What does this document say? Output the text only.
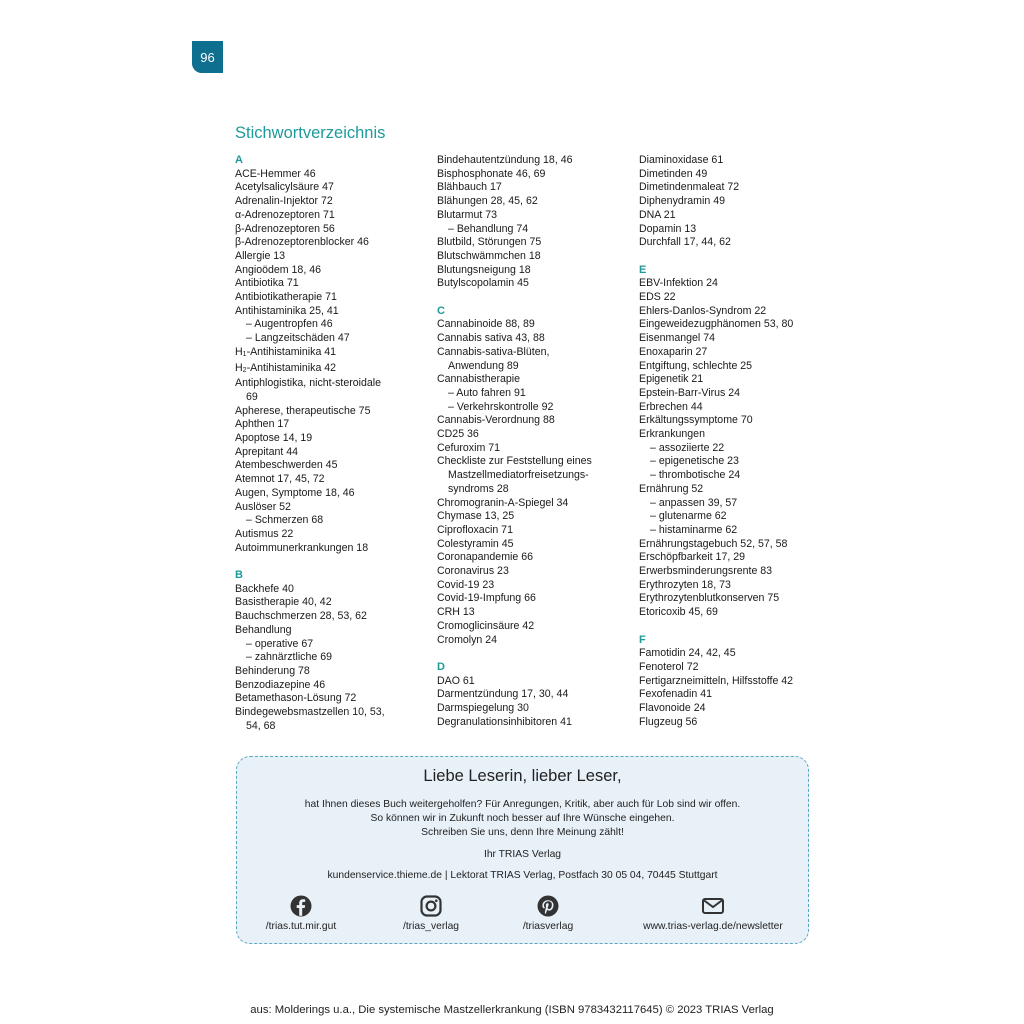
96
Stichwortverzeichnis
A
ACE-Hemmer 46
Acetylsalicylsäure 47
Adrenalin-Injektor 72
α-Adrenozeptoren 71
β-Adrenozeptoren 56
β-Adrenozeptorenblocker 46
Allergie 13
Angioödem 18, 46
Antibiotika 71
Antibiotikatherapie 71
Antihistaminika 25, 41
– Augentropfen 46
– Langzeitschäden 47
$H_1$-Antihistaminika 41
$H_2$-Antihistaminika 42
Antiphlogistika, nicht-steroidale
69
Apherese, therapeutische 75
Aphthen 17
Apoptose 14, 19
Aprepitant 44
Atembeschwerden 45
Atemnot 17, 45, 72
Augen, Symptome 18, 46
Auslöser 52
– Schmerzen 68
Autismus 22
Autoimmunerkrankungen 18
B
Backhefe 40
Basistherapie 40, 42
Bauchschmerzen 28, 53, 62
Behandlung
– operative 67
– zahnärztliche 69
Behinderung 78
Benzodiazepine 46
Betamethason-Lösung 72
Bindegewebsmastzellen 10, 53,
54, 68
Bindehautentzündung 18, 46
Bisphosphonate 46, 69
Blähbauch 17
Blähungen 28, 45, 62
Blutarmut 73
– Behandlung 74
Blutbild, Störungen 75
Blutschwämmchen 18
Blutungsneigung 18
Butylscopolamin 45
C
Cannabinoide 88, 89
Cannabis sativa 43, 88
Cannabis-sativa-Blüten,
Anwendung 89
Cannabistherapie
– Auto fahren 91
– Verkehrskontrolle 92
Cannabis-Verordnung 88
CD25 36
Cefuroxim 71
Checkliste zur Feststellung eines
Mastzellmediatorfreisetzungs-
syndroms 28
Chromogranin-A-Spiegel 34
Chymase 13, 25
Ciprofloxacin 71
Colestyramin 45
Coronapandemie 66
Coronavirus 23
Covid-19 23
Covid-19-Impfung 66
CRH 13
Cromoglicinsäure 42
Cromolyn 24
D
DAO 61
Darmentzündung 17, 30, 44
Darmspiegelung 30
Degranulationsinhibitoren 41
Diaminoxidase 61
Dimetinden 49
Dimetindenmaleat 72
Diphenydramin 49
DNA 21
Dopamin 13
Durchfall 17, 44, 62
E
EBV-Infektion 24
EDS 22
Ehlers-Danlos-Syndrom 22
Eingeweidezugphänomen 53, 80
Eisenmangel 74
Enoxaparin 27
Entgiftung, schlechte 25
Epigenetik 21
Epstein-Barr-Virus 24
Erbrechen 44
Erkältungssymptome 70
Erkrankungen
– assoziierte 22
– epigenetische 23
– thrombotische 24
Ernährung 52
– anpassen 39, 57
– glutenarme 62
– histaminarme 62
Ernährungstagebuch 52, 57, 58
Erschöpfbarkeit 17, 29
Erwerbsminderungsrente 83
Erythrozyten 18, 73
Erythrozytenblutkonserven 75
Etoricoxib 45, 69
F
Famotidin 24, 42, 45
Fenoterol 72
Fertigarzneimitteln, Hilfsstoffe 42
Fexofenadin 41
Flavonoide 24
Flugzeug 56
Liebe Leserin, lieber Leser,
hat Ihnen dieses Buch weitergeholfen? Für Anregungen, Kritik, aber auch für Lob sind wir offen.
So können wir in Zukunft noch besser auf Ihre Wünsche eingehen.
Schreiben Sie uns, denn Ihre Meinung zählt!
Ihr TRIAS Verlag
kundenservice.thieme.de | Lektorat TRIAS Verlag, Postfach 30 05 04, 70445 Stuttgart
/trias.tut.mir.gut	/trias_verlag	/triasverlag	www.trias-verlag.de/newsletter
aus: Molderings u.a., Die systemische Mastzellerkrankung (ISBN 9783432117645) © 2023 TRIAS Verlag
